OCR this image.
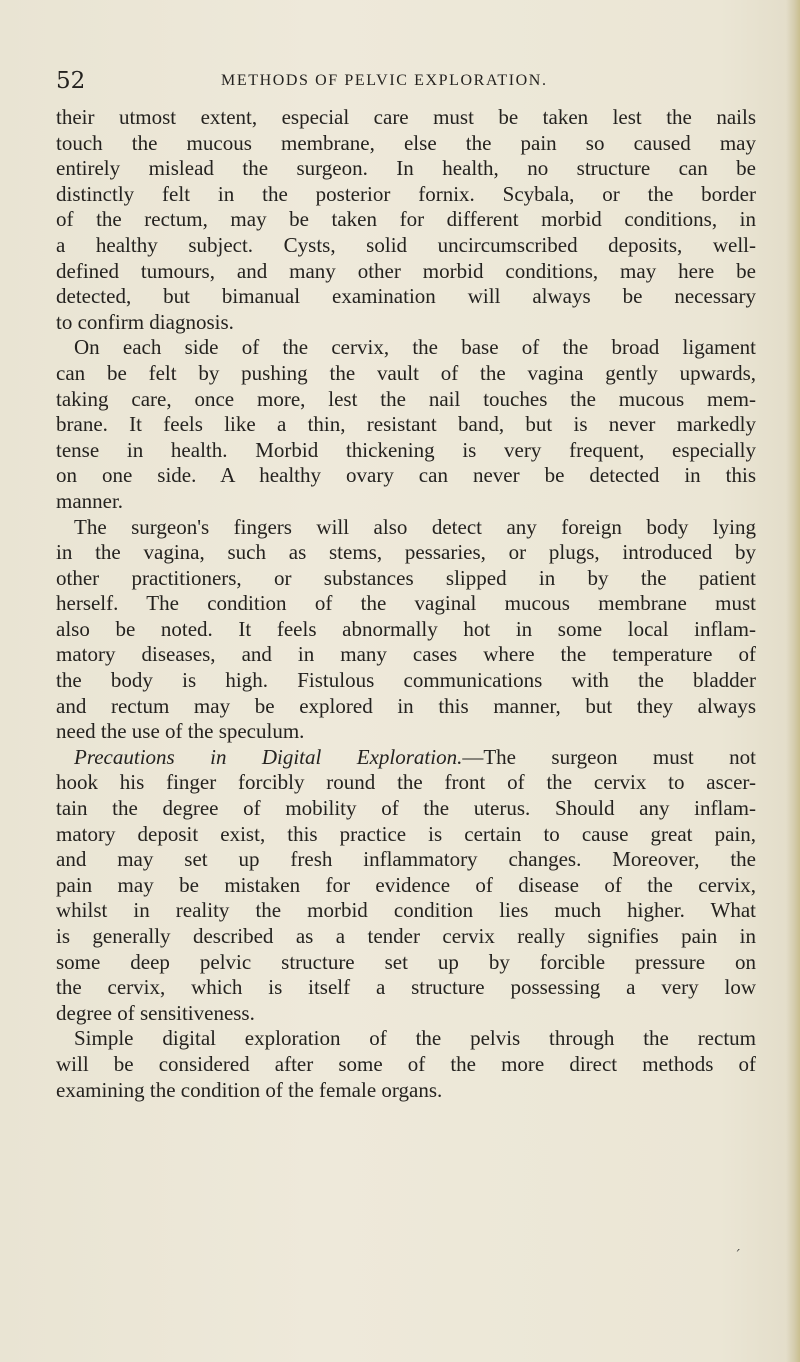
52	METHODS OF PELVIC EXPLORATION.
their utmost extent, especial care must be taken lest the nails
touch the mucous membrane, else the pain so caused may
entirely mislead the surgeon. In health, no structure can be
distinctly felt in the posterior fornix. Scybala, or the border
of the rectum, may be taken for different morbid conditions, in
a healthy subject. Cysts, solid uncircumscribed deposits, well-
defined tumours, and many other morbid conditions, may here be
detected, but bimanual examination will always be necessary
to confirm diagnosis.
On each side of the cervix, the base of the broad ligament
can be felt by pushing the vault of the vagina gently upwards,
taking care, once more, lest the nail touches the mucous mem-
brane. It feels like a thin, resistant band, but is never markedly
tense in health. Morbid thickening is very frequent, especially
on one side. A healthy ovary can never be detected in this
manner.
The surgeon's fingers will also detect any foreign body lying
in the vagina, such as stems, pessaries, or plugs, introduced by
other practitioners, or substances slipped in by the patient
herself. The condition of the vaginal mucous membrane must
also be noted. It feels abnormally hot in some local inflam-
matory diseases, and in many cases where the temperature of
the body is high. Fistulous communications with the bladder
and rectum may be explored in this manner, but they always
need the use of the speculum.
Precautions in Digital Exploration.—The surgeon must not
hook his finger forcibly round the front of the cervix to ascer-
tain the degree of mobility of the uterus. Should any inflam-
matory deposit exist, this practice is certain to cause great pain,
and may set up fresh inflammatory changes. Moreover, the
pain may be mistaken for evidence of disease of the cervix,
whilst in reality the morbid condition lies much higher. What
is generally described as a tender cervix really signifies pain in
some deep pelvic structure set up by forcible pressure on
the cervix, which is itself a structure possessing a very low
degree of sensitiveness.
Simple digital exploration of the pelvis through the rectum
will be considered after some of the more direct methods of
examining the condition of the female organs.
ˊ
